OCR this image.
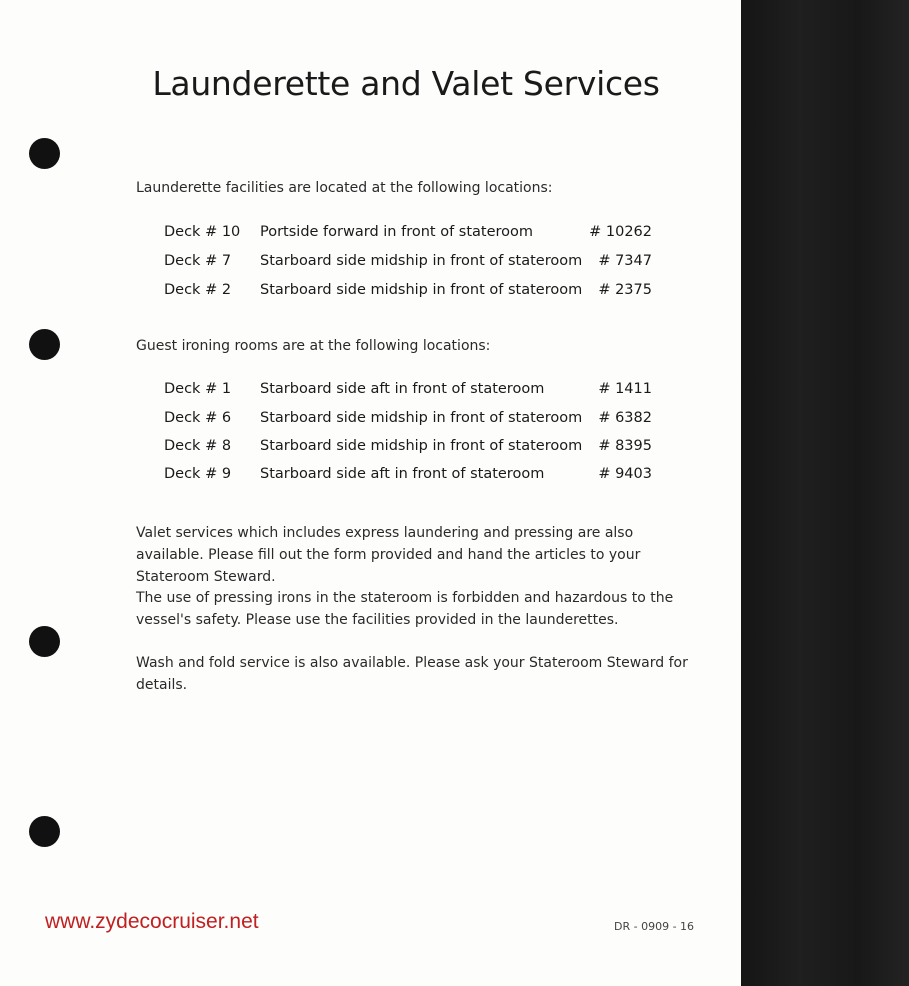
Launderette and Valet Services

Launderette facilities are located at the following locations:

Deck # 10 Portside forward in front of stateroom	# 10262
Deck # 7 Starboard side midship in front of stateroom # 7347
Deck # 2 Starboard side midship in front of stateroom # 2375

Guest ironing rooms are at the following locations:

Deck # 1 Starboard side aft in front of stateroom	# 1411
Deck # 6 Starboard side midship in front of stateroom # 6382
Deck # 8 Starboard side midship in front of stateroom # 8395
Deck # 9 Starboard side aft in front of stateroom	# 9403

Valet services which includes express laundering and pressing are also available. Please fill out the form provided and hand the articles to your Stateroom Steward.

The use of pressing irons in the stateroom is forbidden and hazardous to the vessel's safety. Please use the facilities provided in the launderettes.

Wash and fold service is also available. Please ask your Stateroom Steward for details.

www.zydecocruiser.net	DR - 0909 - 16
